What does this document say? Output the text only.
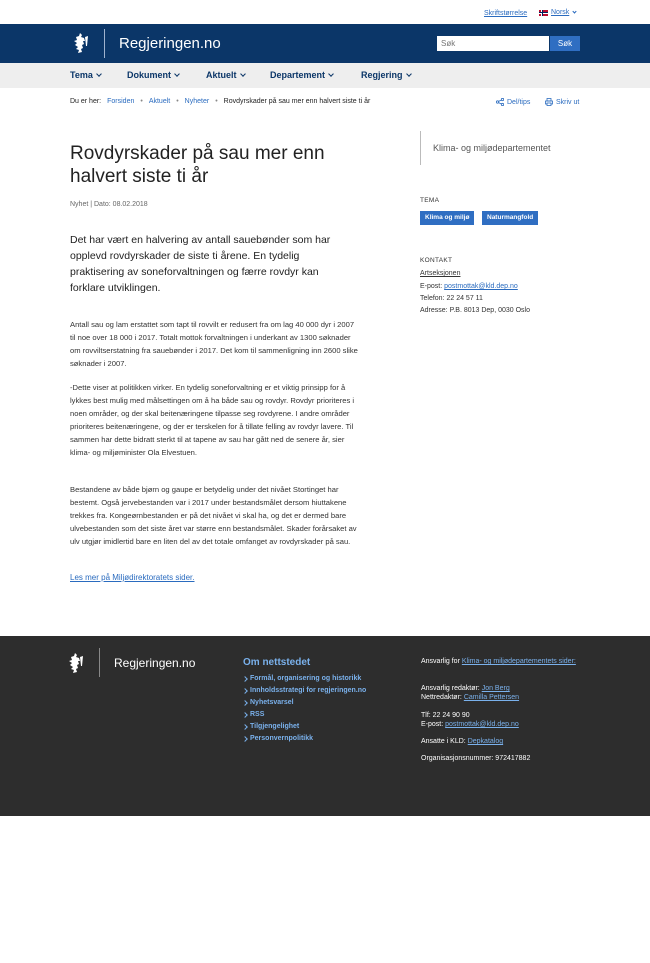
Skriftstørrelse	Norsk
Regjeringen.no
Søk	Søk
Tema	Dokument	Aktuelt	Departement	Regjering
Du er her: Forsiden • Aktuelt • Nyheter • Rovdyrskader på sau mer enn halvert siste ti år	Del/tips	Skriv ut
Rovdyrskader på sau mer enn halvert siste ti år
Nyhet | Dato: 08.02.2018

Det har vært en halvering av antall sauebønder som har opplevd rovdyrskader de siste ti årene. En tydelig praktisering av soneforvaltningen og færre rovdyr kan forklare utviklingen.

Antall sau og lam erstattet som tapt til rovvilt er redusert fra om lag 40 000 dyr i 2007 til noe over 18 000 i 2017. Totalt mottok forvaltningen i underkant av 1300 søknader om rovviltserstatning fra sauebønder i 2017. Det kom til sammenligning inn 2600 slike søknader i 2007.

-Dette viser at politikken virker. En tydelig soneforvaltning er et viktig prinsipp for å lykkes best mulig med målsettingen om å ha både sau og rovdyr. Rovdyr prioriteres i noen områder, og der skal beitenæringene tilpasse seg rovdyrene. I andre områder prioriteres beitenæringene, og der er terskelen for å tillate felling av rovdyr lavere. Til sammen har dette bidratt sterkt til at tapene av sau har gått ned de senere år, sier klima- og miljøminister Ola Elvestuen.

Bestandene av både bjørn og gaupe er betydelig under det nivået Stortinget har bestemt. Også jervebestanden var i 2017 under bestandsmålet dersom hiuttakene trekkes fra. Kongeørnbestanden er på det nivået vi skal ha, og det er dermed bare ulvebestanden som det siste året var større enn bestandsmålet. Skader forårsaket av ulv utgjør imidlertid bare en liten del av det totale omfanget av rovdyrskader på sau.

Les mer på Miljødirektoratets sider.
Klima- og miljødepartementet
TEMA
Klima og miljø	Naturmangfold
KONTAKT
Artseksjonen
E-post: postmottak@kld.dep.no
Telefon: 22 24 57 11
Adresse: P.B. 8013 Dep, 0030 Oslo
Regjeringen.no	Om nettstedet
Formål, organisering og historikk
Innholdsstrategi for regjeringen.no
Nyhetsvarsel
RSS
Tilgjengelighet
Personvernpolitikk
Ansvarlig for Klima- og miljødepartementets sider:
Ansvarlig redaktør: Jon Berg
Nettredaktør: Camilla Pettersen
Tlf: 22 24 90 90
E-post: postmottak@kld.dep.no
Ansatte i KLD: Depkatalog
Organisasjonsnummer: 972417882
